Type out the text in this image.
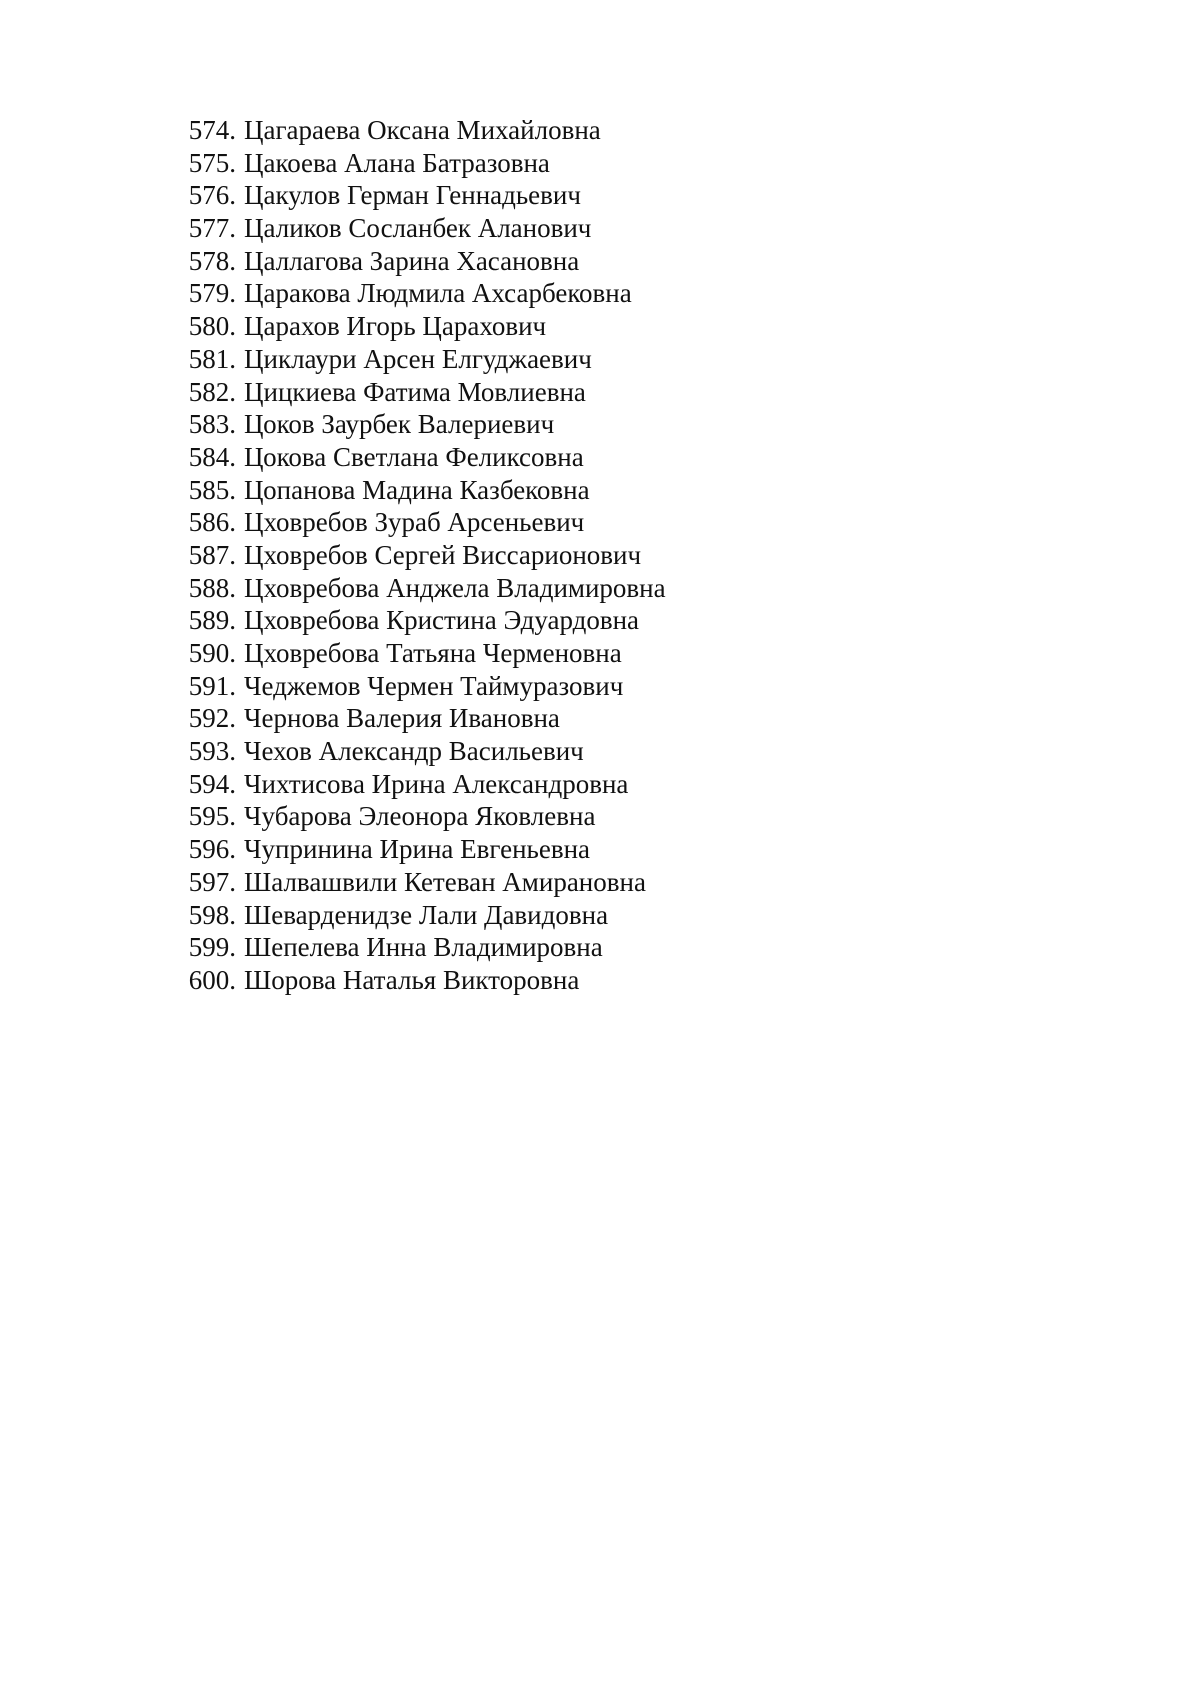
574. Цагараева Оксана Михайловна
575. Цакоева Алана Батразовна
576. Цакулов Герман Геннадьевич
577. Цаликов Сосланбек Аланович
578. Цаллагова Зарина Хасановна
579. Царакова Людмила Ахсарбековна
580. Царахов Игорь Царахович
581. Циклаури Арсен Елгуджаевич
582. Цицкиева Фатима Мовлиевна
583. Цоков Заурбек Валериевич
584. Цокова Светлана Феликсовна
585. Цопанова Мадина Казбековна
586. Цховребов Зураб Арсеньевич
587. Цховребов Сергей Виссарионович
588. Цховребова Анджела Владимировна
589. Цховребова Кристина Эдуардовна
590. Цховребова Татьяна Черменовна
591. Чеджемов Чермен Таймуразович
592. Чернова Валерия Ивановна
593. Чехов Александр Васильевич
594. Чихтисова Ирина Александровна
595. Чубарова Элеонора Яковлевна
596. Чупринина Ирина Евгеньевна
597. Шалвашвили Кетеван Амирановна
598. Шеварденидзе Лали Давидовна
599. Шепелева Инна Владимировна
600. Шорова Наталья Викторовна
